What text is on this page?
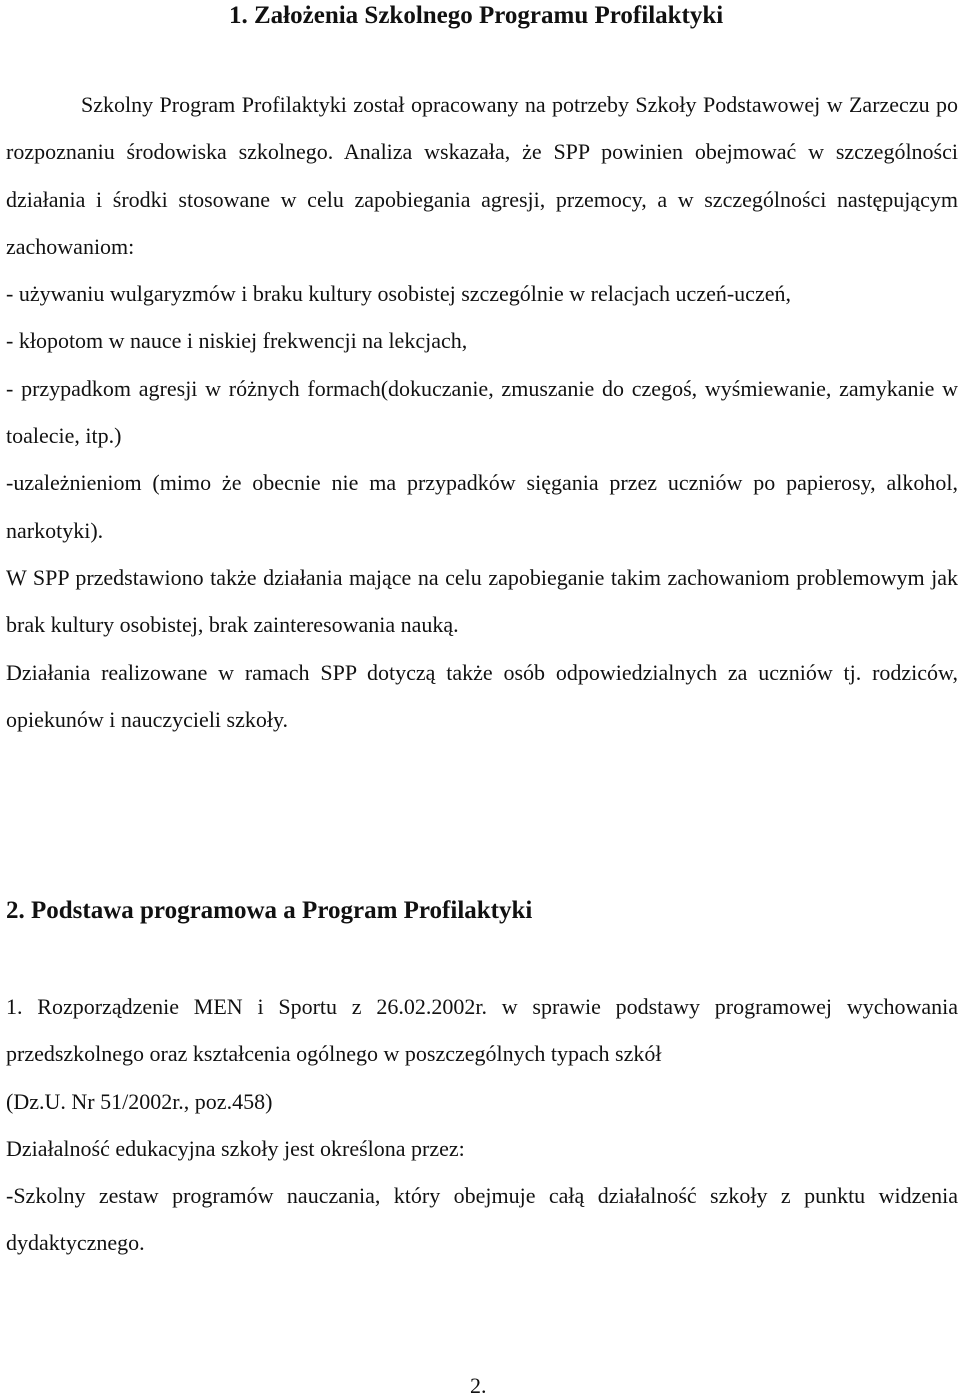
1. Założenia Szkolnego Programu Profilaktyki

Szkolny Program Profilaktyki został opracowany na potrzeby Szkoły Podstawowej w Zarzeczu po rozpoznaniu środowiska szkolnego. Analiza wskazała, że SPP powinien obejmować w szczególności działania i środki stosowane w celu zapobiegania agresji, przemocy, a w szczególności następującym zachowaniom:

- używaniu wulgaryzmów i braku kultury osobistej szczególnie w relacjach uczeń-uczeń,

- kłopotom w nauce i niskiej frekwencji na lekcjach,

- przypadkom agresji w różnych formach(dokuczanie, zmuszanie do czegoś, wyśmiewanie, zamykanie w toalecie, itp.)

-uzależnieniom (mimo że obecnie nie ma przypadków sięgania przez uczniów po papierosy, alkohol, narkotyki).

W SPP przedstawiono także działania mające na celu zapobieganie takim zachowaniom problemowym jak brak kultury osobistej, brak zainteresowania nauką.

Działania realizowane w ramach SPP dotyczą także osób odpowiedzialnych za uczniów tj. rodziców, opiekunów i nauczycieli szkoły.

2. Podstawa programowa a Program Profilaktyki

1. Rozporządzenie MEN i Sportu z 26.02.2002r. w sprawie podstawy programowej wychowania przedszkolnego oraz kształcenia ogólnego w poszczególnych typach szkół

(Dz.U. Nr 51/2002r., poz.458)

Działalność edukacyjna szkoły jest określona przez:

-Szkolny zestaw programów nauczania, który obejmuje całą działalność szkoły z punktu widzenia dydaktycznego.

2.
